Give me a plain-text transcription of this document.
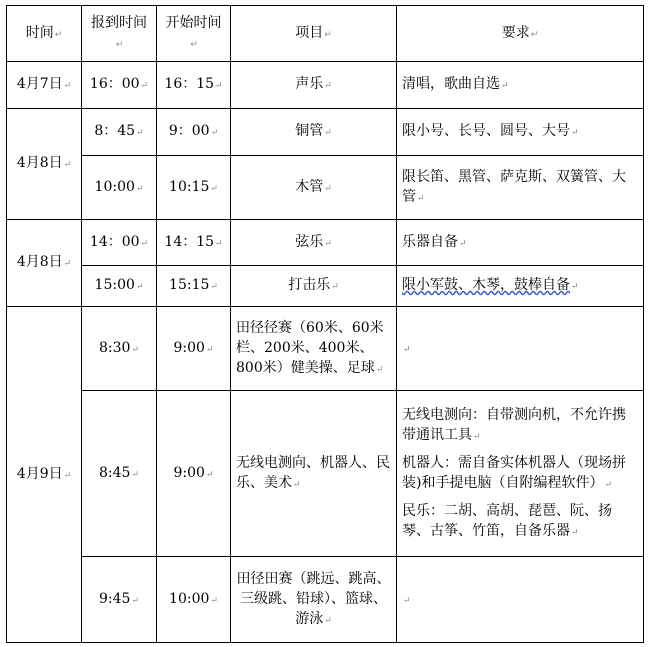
时间↵	报到时间↵	开始时间↵	项目↵	要求↵
4月7日↵	16：00↵	16：15↵	声乐↵	清唱，歌曲自选↵
4月8日↵	8：45↵	9：00↵	铜管↵	限小号、长号、圆号、大号↵
	10:00↵	10:15↵	木管↵	限长笛、黑管、萨克斯、双簧管、大管↵
4月8日↵	14：00↵	14：15↵	弦乐↵	乐器自备↵
	15:00↵	15:15↵	打击乐↵	限小军鼓、木琴，鼓棒自备↵
4月9日↵	8:30↵	9:00↵	田径径赛（60米、60米栏、200米、400米、800米）健美操、足球↵	↵
	8:45↵	9:00↵	无线电测向、机器人、民乐、美术↵	无线电测向：自带测向机，不允许携带通讯工具↵

机器人：需自备实体机器人（现场拼装)和手提电脑（自附编程软件）↵

民乐：二胡、高胡、琵琶、阮、扬琴、古筝、竹笛，自备乐器↵

	9:45↵	10:00↵	田径田赛（跳远、跳高、三级跳、铅球）、篮球、游泳↵	↵
